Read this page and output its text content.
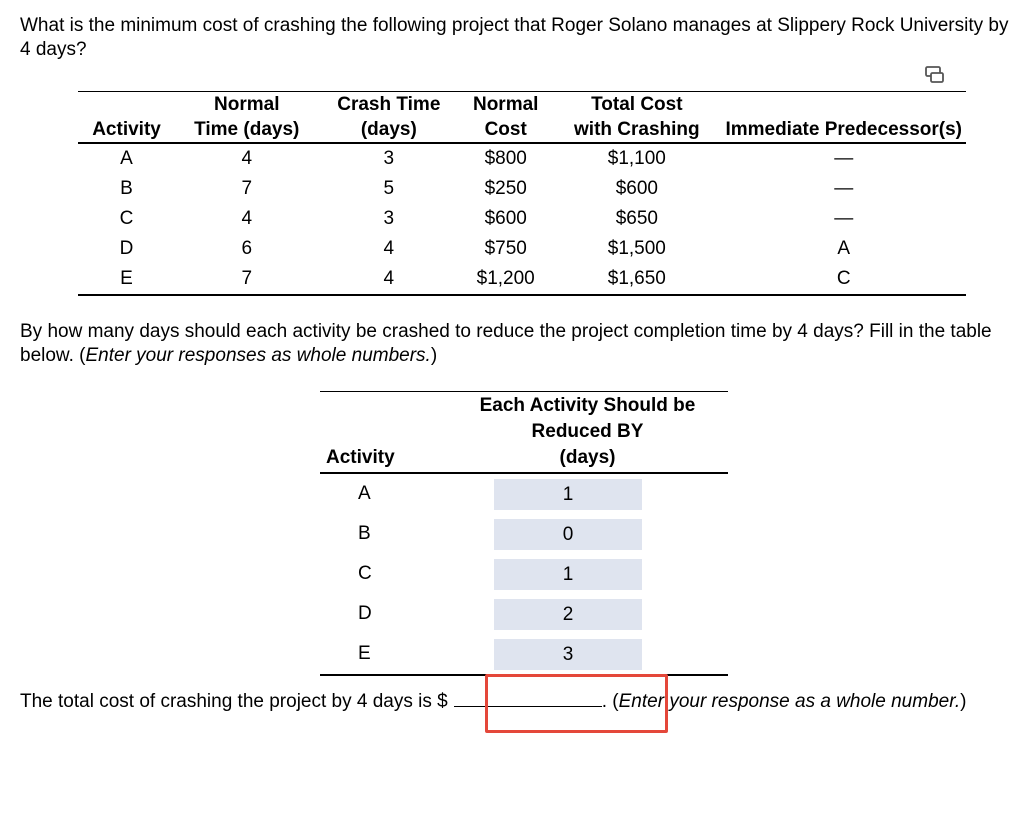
What is the minimum cost of crashing the following project that Roger Solano manages at Slippery Rock University by 4 days?
	Normal	Crash Time	Normal	Total Cost	
Activity	Time (days)	(days)	Cost	with Crashing	Immediate Predecessor(s)
A	4	3	$800	$1,100	—
B	7	5	$250	$600	—
C	4	3	$600	$650	—
D	6	4	$750	$1,500	A
E	7	4	$1,200	$1,650	C
By how many days should each activity be crashed to reduce the project completion time by 4 days? Fill in the table below. (Enter your responses as whole numbers.)
Activity	Each Activity Should be
Reduced BY
(days)

A	1
B	0
C	1
D	2
E	3
The total cost of crashing the project by 4 days is $	. (Enter your response as a whole number.)
